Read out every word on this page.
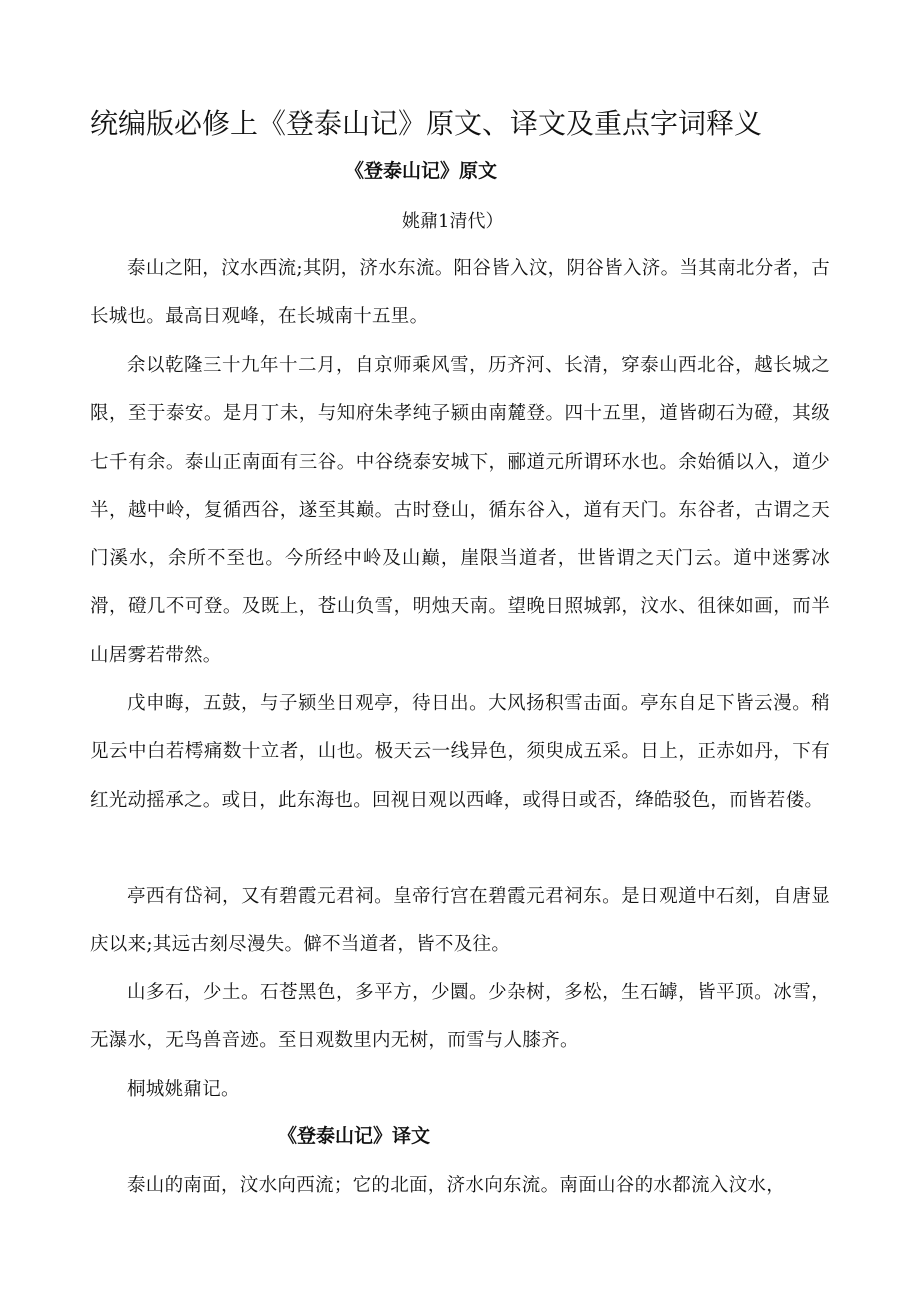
统编版必修上《登泰山记》原文、译文及重点字词释义
《登泰山记》原文

姚鼐1清代）

泰山之阳，汶水西流;其阴，济水东流。阳谷皆入汶，阴谷皆入济。当其南北分者，古长城也。最高日观峰，在长城南十五里。

余以乾隆三十九年十二月，自京师乘风雪，历齐河、长清，穿泰山西北谷，越长城之限，至于泰安。是月丁未，与知府朱孝纯子颍由南麓登。四十五里，道皆砌石为磴，其级七千有余。泰山正南面有三谷。中谷绕泰安城下，郦道元所谓环水也。余始循以入，道少半，越中岭，复循西谷，遂至其巅。古时登山，循东谷入，道有天门。东谷者，古谓之天门溪水，余所不至也。今所经中岭及山巅，崖限当道者，世皆谓之天门云。道中迷雾冰滑，磴几不可登。及既上，苍山负雪，明烛天南。望晚日照城郭，汶水、徂徕如画，而半山居雾若带然。

戊申晦，五鼓，与子颍坐日观亭，待日出。大风扬积雪击面。亭东自足下皆云漫。稍见云中白若樗痛数十立者，山也。极天云一线异色，须臾成五采。日上，正赤如丹，下有红光动摇承之。或日，此东海也。回视日观以西峰，或得日或否，绛皓驳色，而皆若偻。

亭西有岱祠，又有碧霞元君祠。皇帝行宫在碧霞元君祠东。是日观道中石刻，自唐显庆以来;其远古刻尽漫失。僻不当道者，皆不及往。

山多石，少土。石苍黑色，多平方，少圜。少杂树，多松，生石罅，皆平顶。冰雪，无瀑水，无鸟兽音迹。至日观数里内无树，而雪与人膝齐。

桐城姚鼐记。

《登泰山记》译文

泰山的南面，汶水向西流；它的北面，济水向东流。南面山谷的水都流入汶水，
